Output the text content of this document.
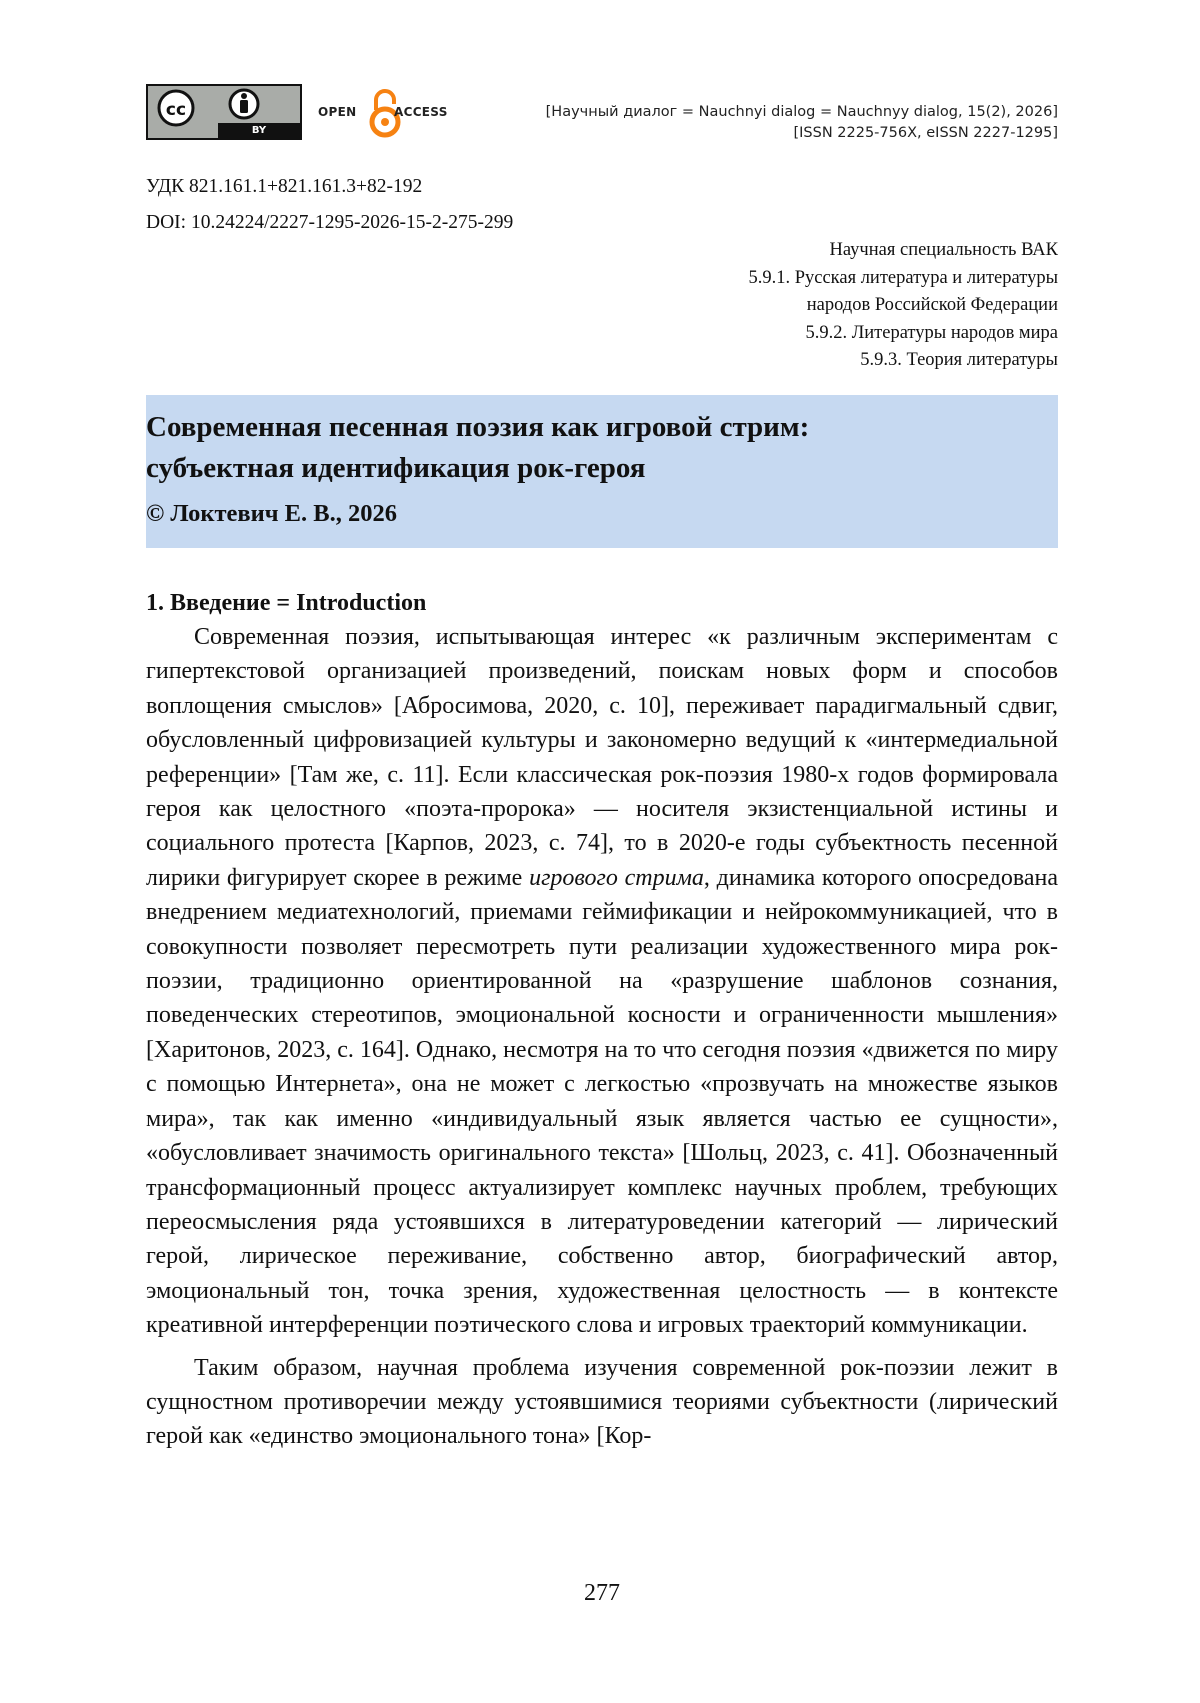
cc
BY
OPEN	ACCESS	[Научный диалог = Nauchnyi dialog = Nauchnyy dialog, 15(2), 2026]
[ISSN 2225-756X, eISSN 2227-1295]
УДК 821.161.1+821.161.3+82-192
DOI: 10.24224/2227-1295-2026-15-2-275-299
Научная специальность ВАК
5.9.1. Русская литература и литературы
народов Российской Федерации
5.9.2. Литературы народов мира
5.9.3. Теория литературы
Современная песенная поэзия как игровой стрим:
субъектная идентификация рок-героя
© Локтевич Е. В., 2026
1. Введение = Introduction

Современная поэзия, испытывающая интерес «к различным экспериментам с гипертекстовой организацией произведений, поискам новых форм и способов воплощения смыслов» [Абросимова, 2020, с. 10], переживает парадигмальный сдвиг, обусловленный цифровизацией культуры и закономерно ведущий к «интермедиальной референции» [Там же, с. 11]. Если классическая рок-поэзия 1980-х годов формировала героя как целостного «поэта-пророка» — носителя экзистенциальной истины и социального протеста [Карпов, 2023, с. 74], то в 2020-е годы субъектность песенной лирики фигурирует скорее в режиме игрового стрима, динамика которого опосредована внедрением медиатехнологий, приемами геймификации и нейрокоммуникацией, что в совокупности позволяет пересмотреть пути реализации художественного мира рок-поэзии, традиционно ориентированной на «разрушение шаблонов сознания, поведенческих стереотипов, эмоциональной косности и ограниченности мышления» [Харитонов, 2023, с. 164]. Однако, несмотря на то что сегодня поэзия «движется по миру с помощью Интернета», она не может с легкостью «прозвучать на множестве языков мира», так как именно «индивидуальный язык является частью ее сущности», «обусловливает значимость оригинального текста» [Шольц, 2023, с. 41]. Обозначенный трансформационный процесс актуализирует комплекс научных проблем, требующих переосмысления ряда устоявшихся в литературоведении категорий — лирический герой, лирическое переживание, собственно автор, биографический автор, эмоциональный тон, точка зрения, художественная целостность — в контексте креативной интерференции поэтического слова и игровых траекторий коммуникации.

Таким образом, научная проблема изучения современной рок-поэзии лежит в сущностном противоречии между устоявшимися теориями субъектности (лирический герой как «единство эмоционального тона» [Кор-

277
